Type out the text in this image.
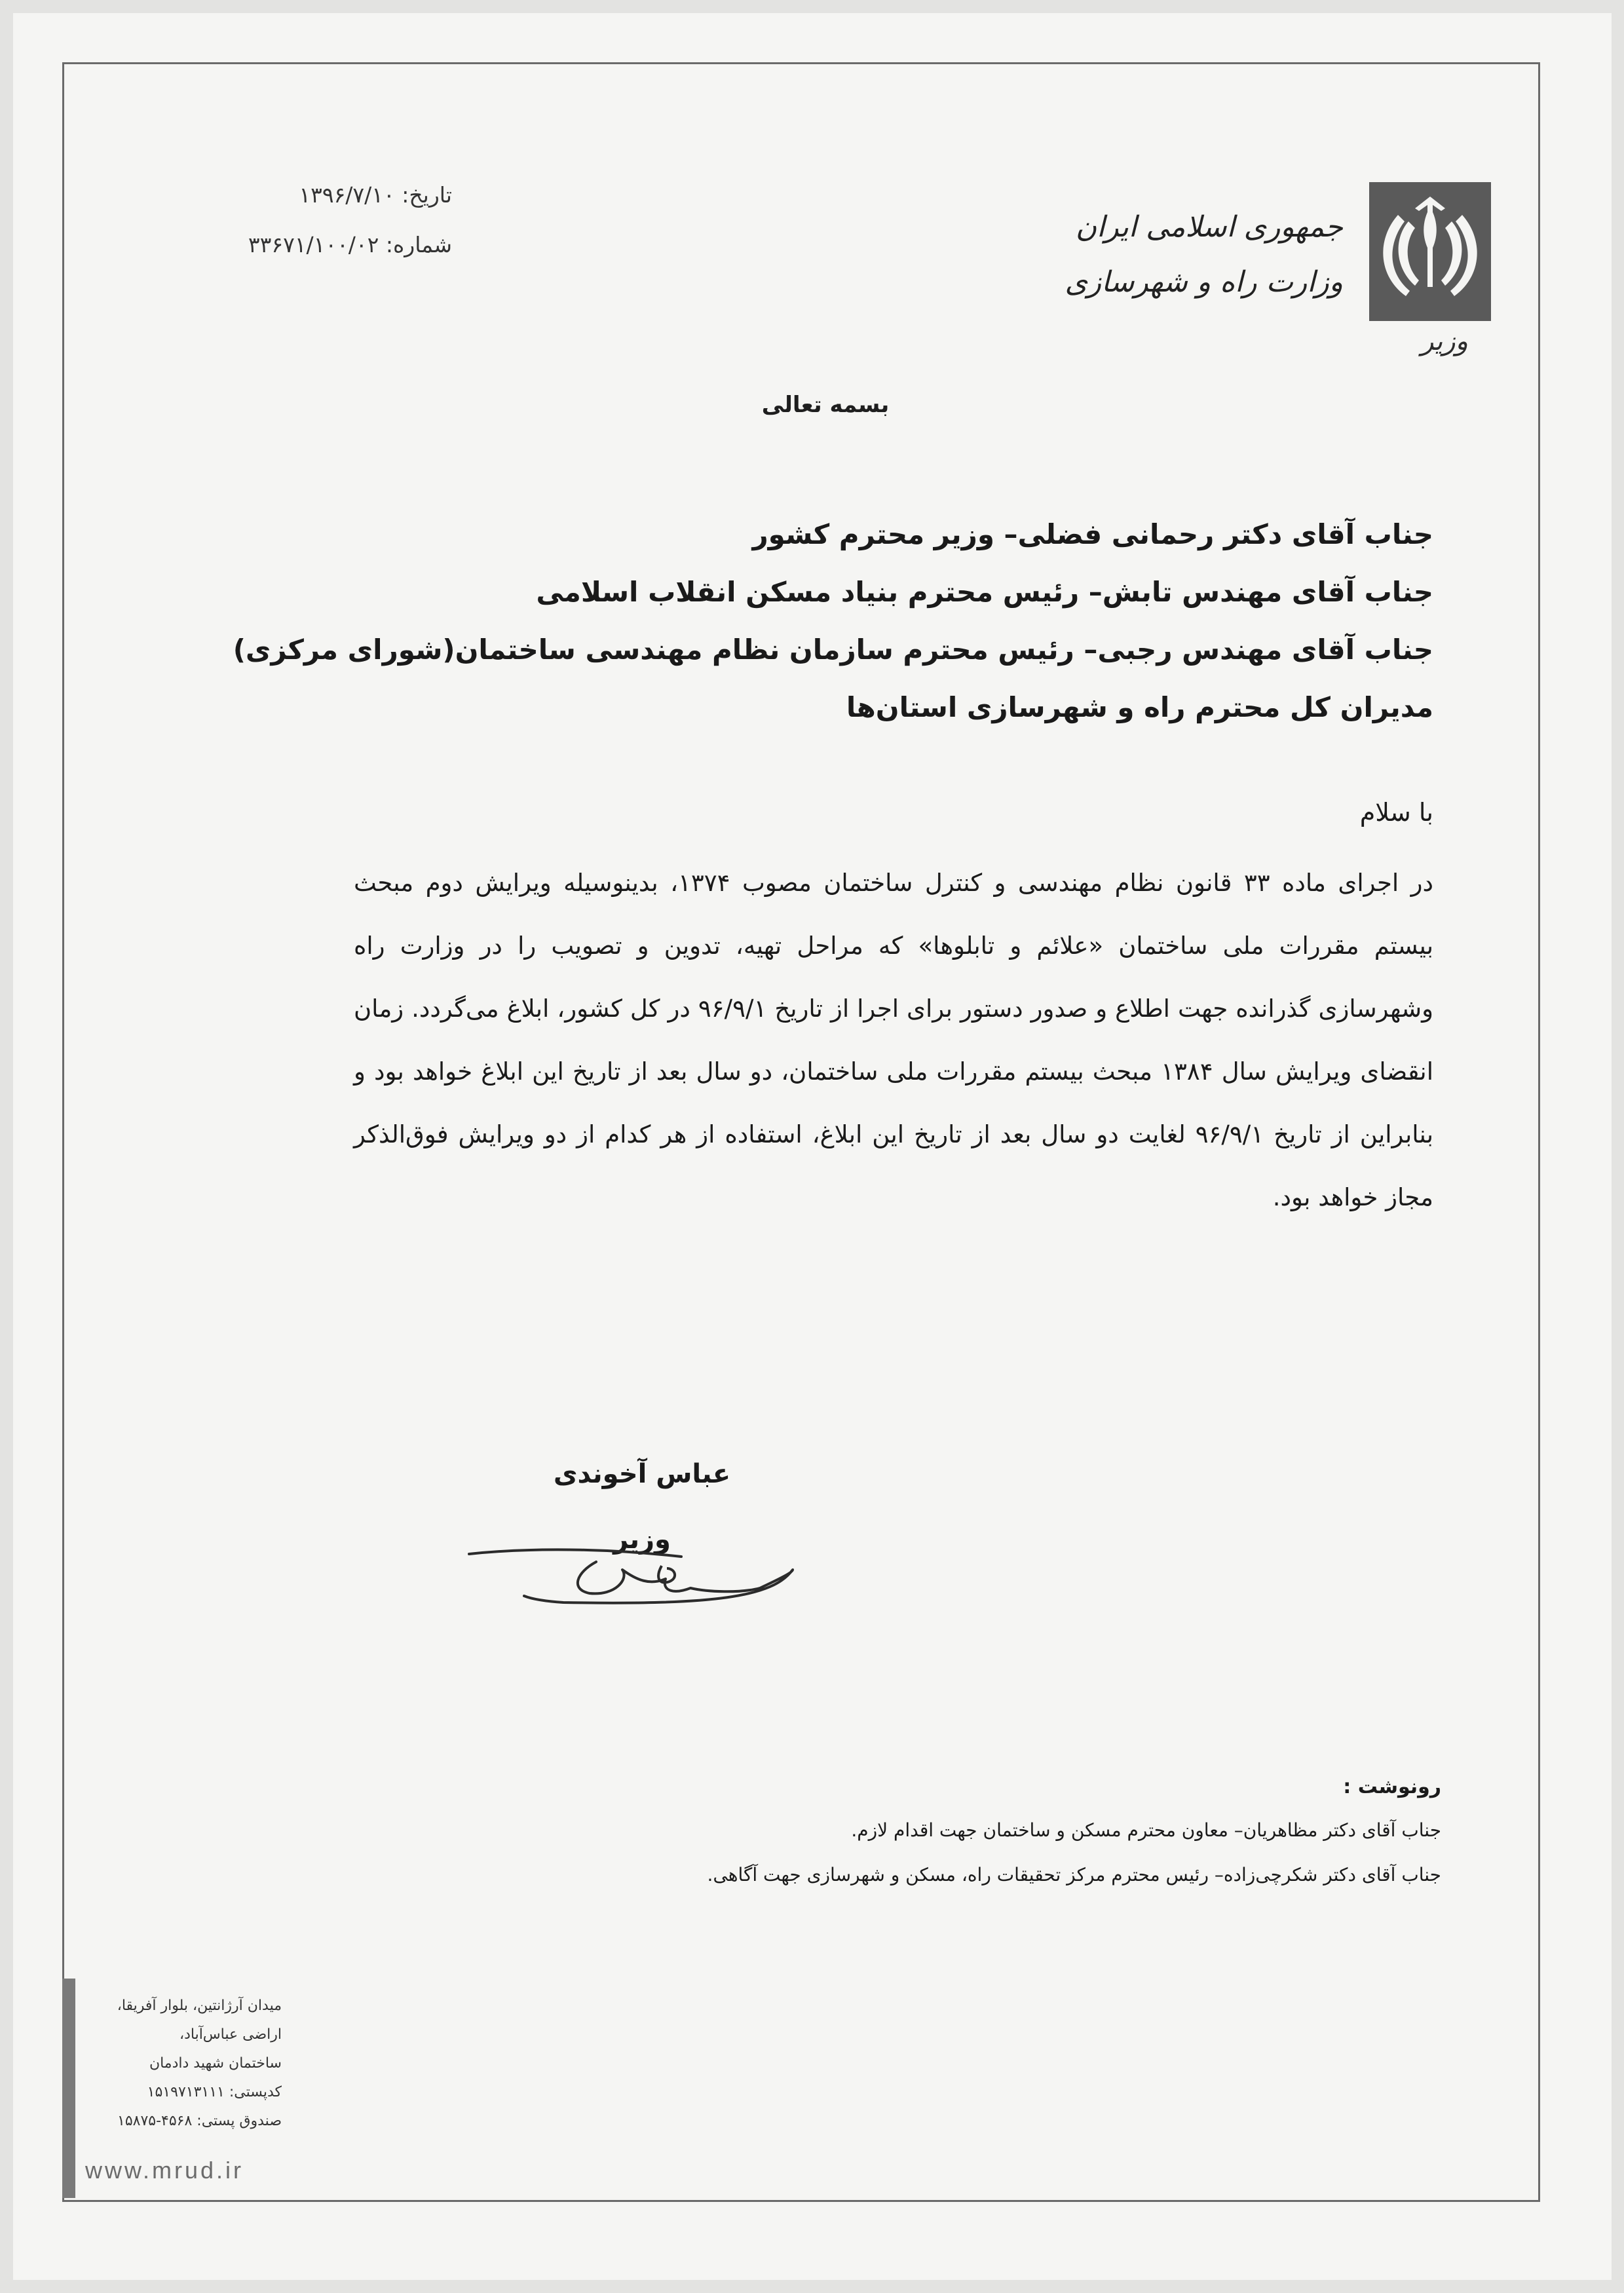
تاریخ: ۱۳۹۶/۷/۱۰
شماره: ۳۳۶۷۱/۱۰۰/۰۲
وزیر
جمهوری اسلامی ایران
وزارت راه و شهرسازی
بسمه تعالی
جناب آقای دکتر رحمانی فضلی– وزیر محترم کشور
جناب آقای مهندس تابش– رئیس محترم بنیاد مسکن انقلاب اسلامی
جناب آقای مهندس رجبی– رئیس محترم سازمان نظام مهندسی ساختمان(شورای مرکزی)
مدیران کل محترم راه و شهرسازی استان‌ها
با سلام

در اجرای ماده ۳۳ قانون نظام مهندسی و کنترل ساختمان مصوب ۱۳۷۴، بدینوسیله ویرایش دوم مبحث بیستم مقررات ملی ساختمان «علائم و تابلوها» که مراحل تهیه، تدوین و تصویب را در وزارت راه وشهرسازی گذرانده جهت اطلاع و صدور دستور برای اجرا از تاریخ ۹۶/۹/۱ در کل کشور، ابلاغ می‌گردد. زمان انقضای ویرایش سال ۱۳۸۴ مبحث بیستم مقررات ملی ساختمان، دو سال بعد از تاریخ این ابلاغ خواهد بود و بنابراین از تاریخ ۹۶/۹/۱ لغایت دو سال بعد از تاریخ این ابلاغ، استفاده از هر کدام از دو ویرایش فوق‌الذکر مجاز خواهد بود.

عباس آخوندی
وزیر
رونوشت :
جناب آقای دکتر مظاهریان– معاون محترم مسکن و ساختمان جهت اقدام لازم.
جناب آقای دکتر شکرچی‌زاده– رئیس محترم مرکز تحقیقات راه، مسکن و شهرسازی جهت آگاهی.
میدان آرژانتین، بلوار آفریقا،
اراضی عباس‌آباد،
ساختمان شهید دادمان
کدپستی: ۱۵۱۹۷۱۳۱۱۱
صندوق پستی: ۴۵۶۸-۱۵۸۷۵
www.mrud.ir
